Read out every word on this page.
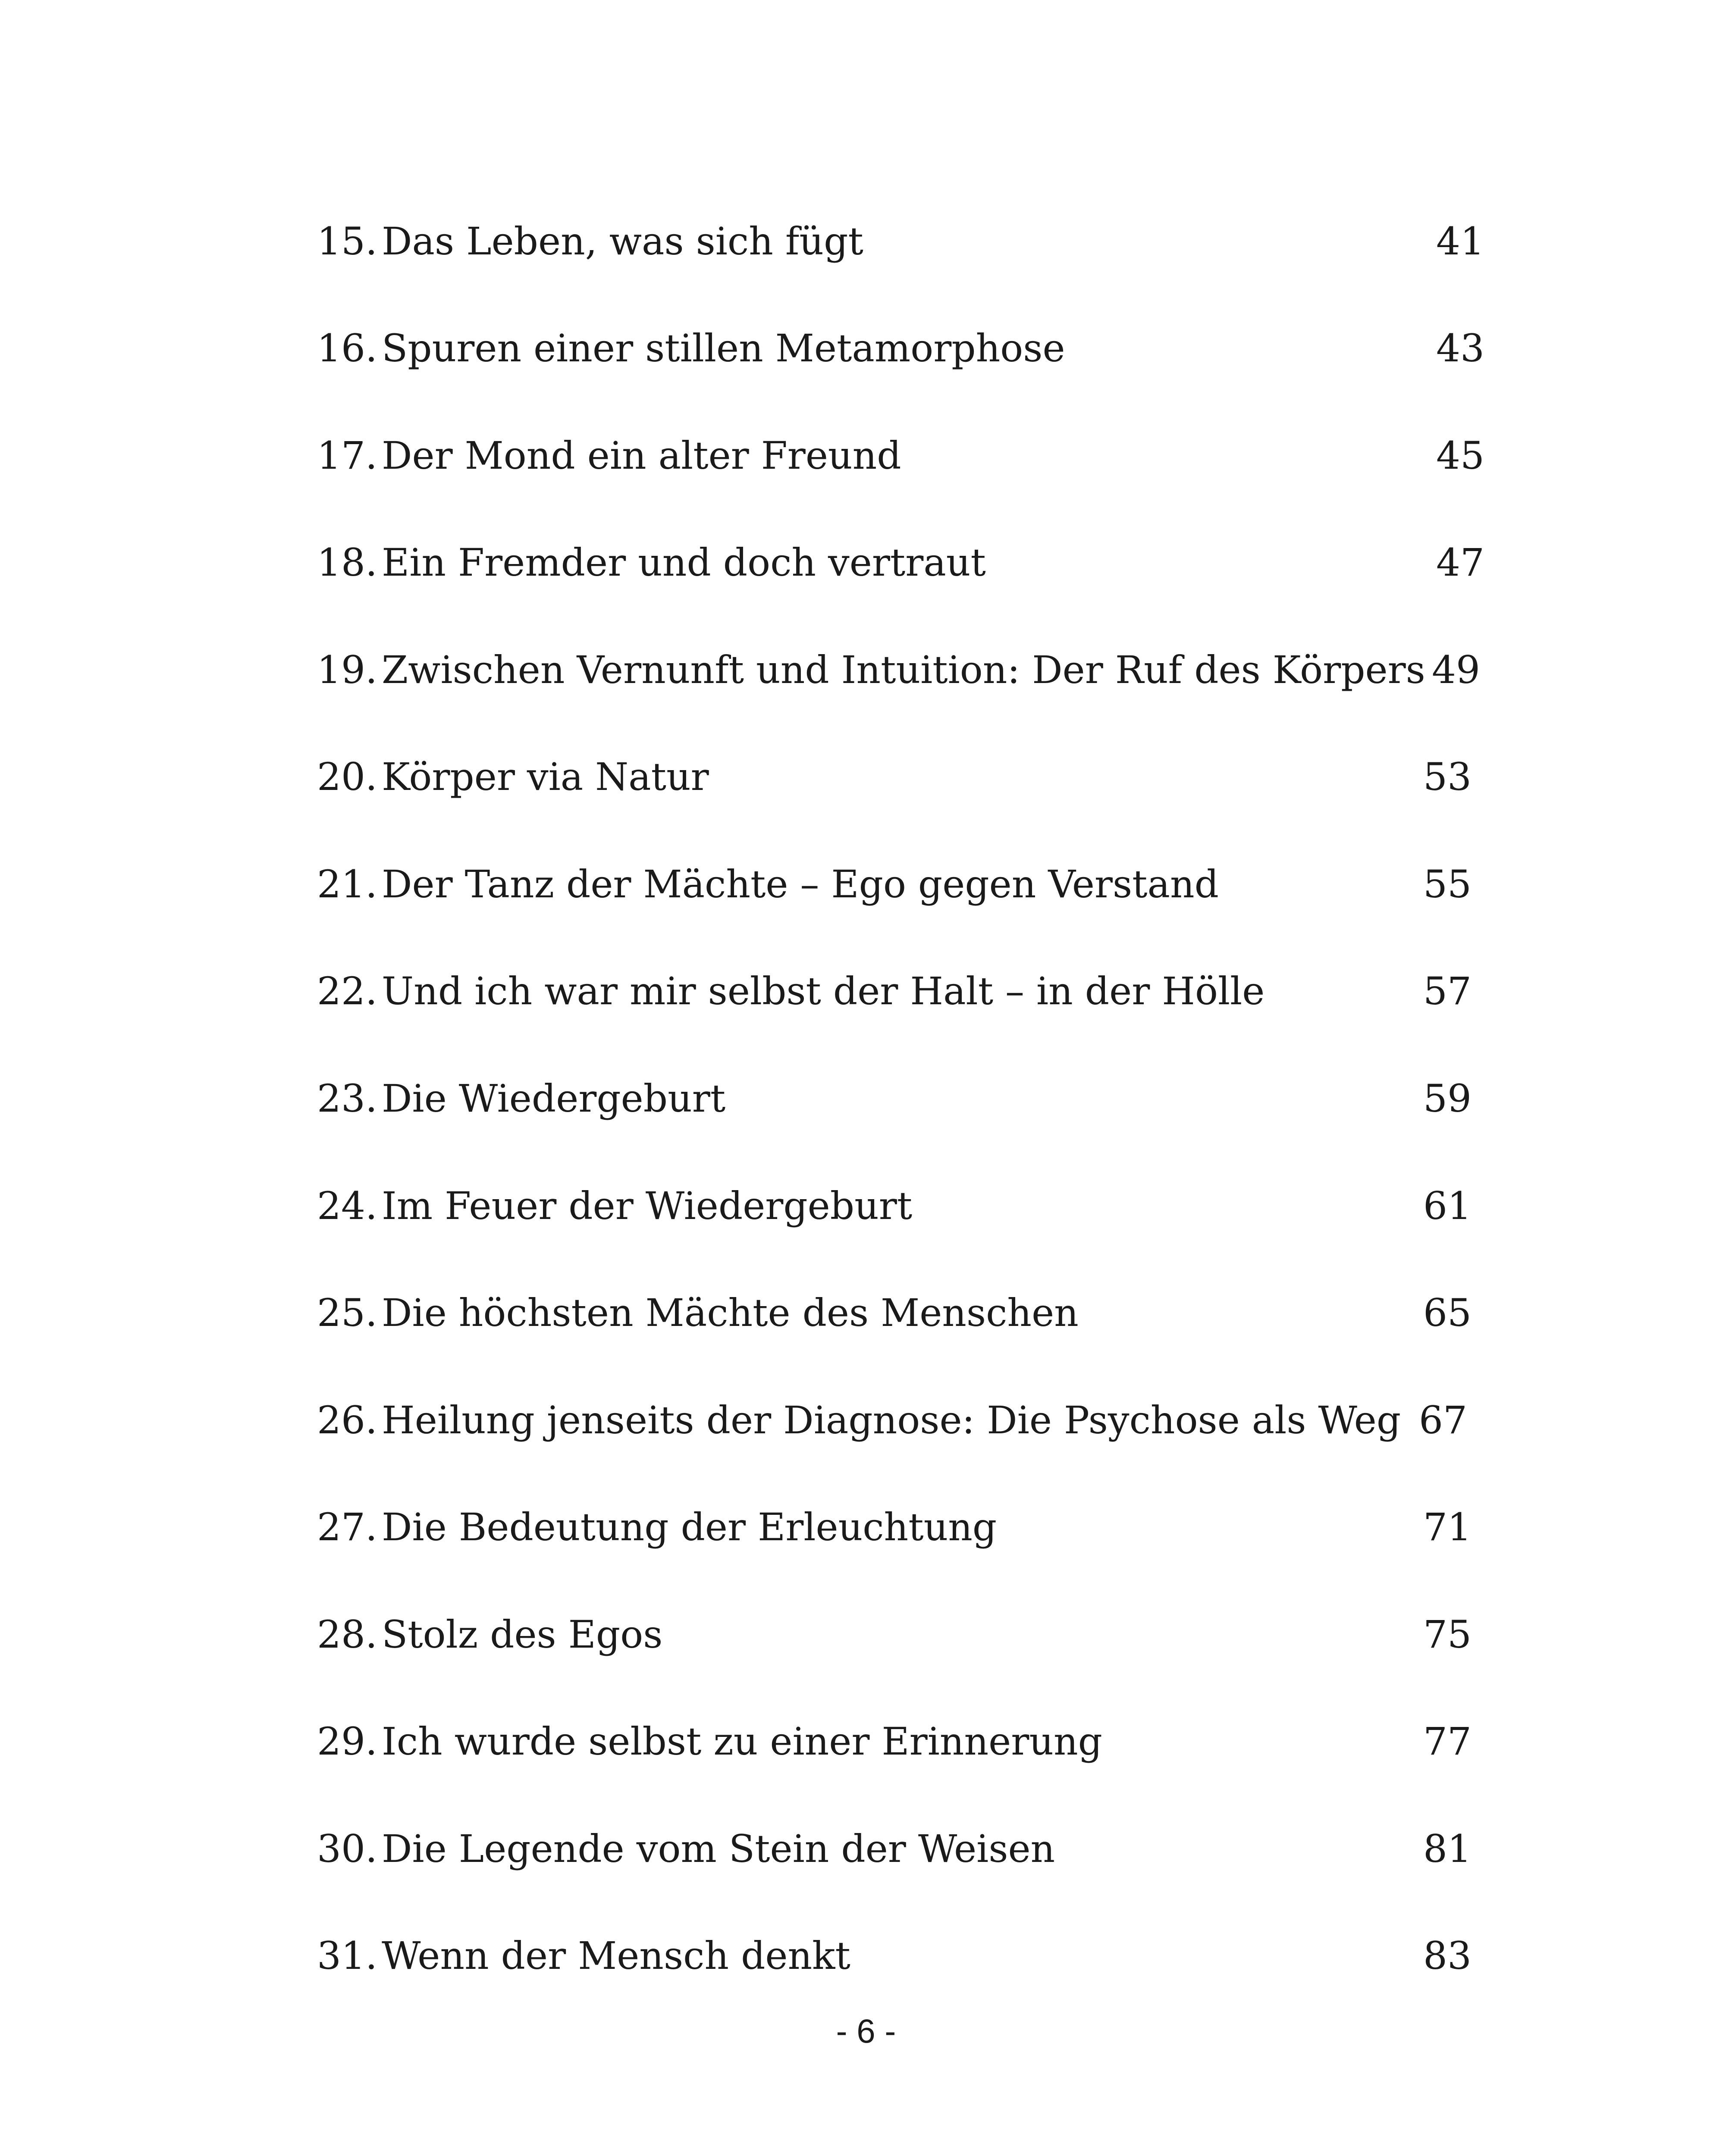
15. Das Leben, was sich fügt	41
16. Spuren einer stillen Metamorphose	43
17. Der Mond ein alter Freund	45
18. Ein Fremder und doch vertraut	47
19. Zwischen Vernunft und Intuition: Der Ruf des Körpers 49
20. Körper via Natur	53
21. Der Tanz der Mächte – Ego gegen Verstand	55
22. Und ich war mir selbst der Halt – in der Hölle	57
23. Die Wiedergeburt	59
24. Im Feuer der Wiedergeburt	61
25. Die höchsten Mächte des Menschen	65
26. Heilung jenseits der Diagnose: Die Psychose als Weg 67
27. Die Bedeutung der Erleuchtung	71
28. Stolz des Egos	75
29. Ich wurde selbst zu einer Erinnerung	77
30. Die Legende vom Stein der Weisen	81
31. Wenn der Mensch denkt	83
- 6 -
